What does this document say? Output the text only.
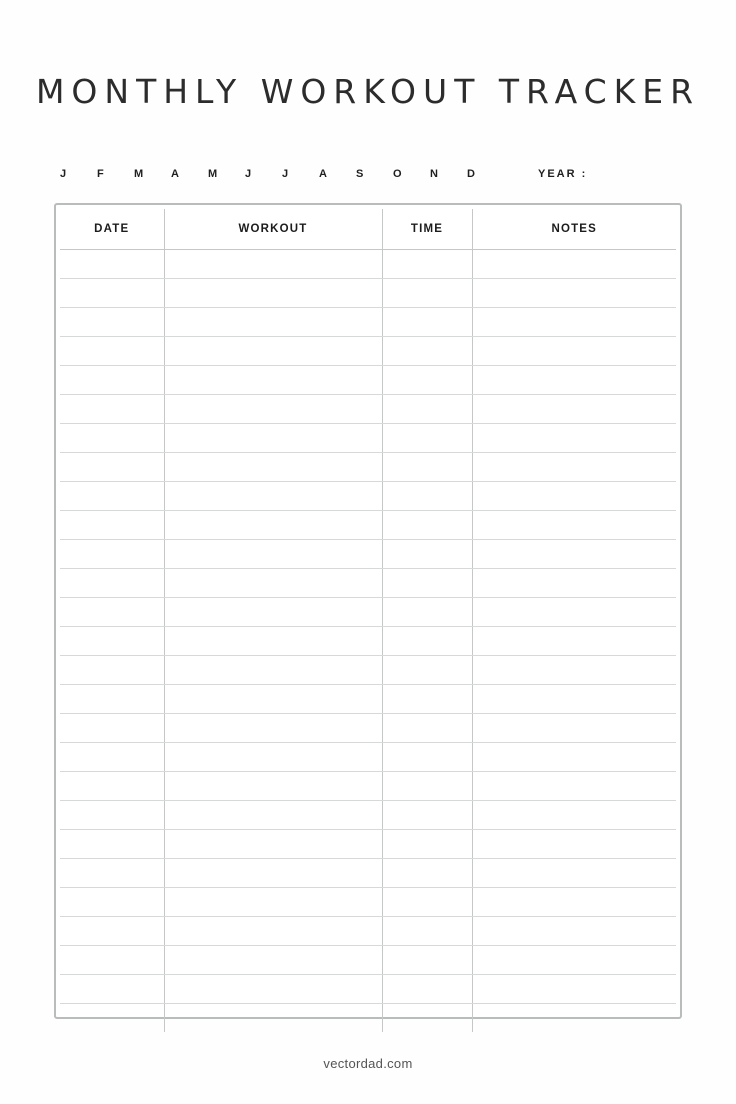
MONTHLY WORKOUT TRACKER
J	F	M	A	M	J	J	A	S	O	N	D	YEAR :
DATE	WORKOUT	TIME	NOTES

vectordad.com
